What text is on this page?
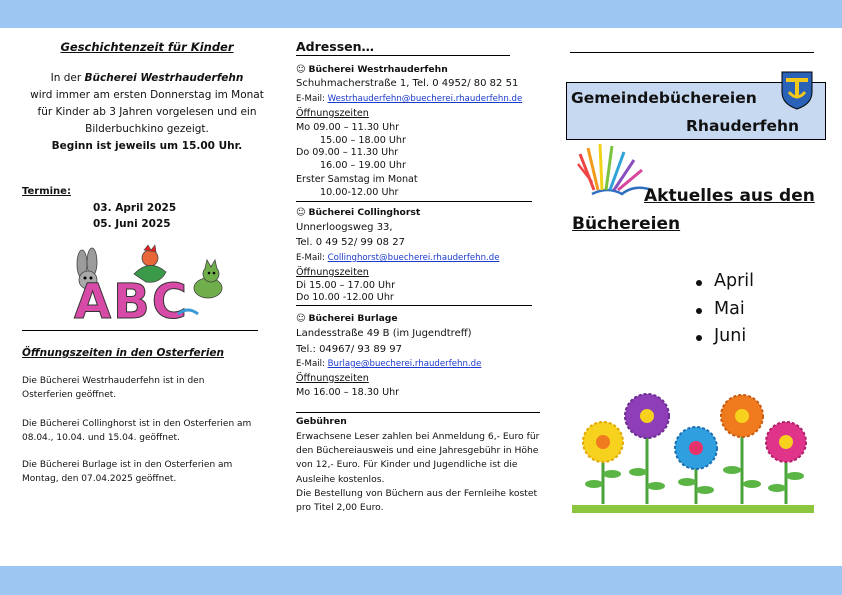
Geschichtenzeit für Kinder
In der Bücherei Westrhauderfehn
wird immer am ersten Donnerstag im Monat
für Kinder ab 3 Jahren vorgelesen und ein
Bilderbuchkino gezeigt.
Beginn ist jeweils um 15.00 Uhr.
Termine:
03. April 2025
05. Juni 2025
ABC
Öffnungszeiten in den Osterferien
Die Bücherei Westrhauderfehn ist in den
Osterferien geöffnet.
Die Bücherei Collinghorst ist in den Osterferien am
08.04., 10.04. und 15.04. geöffnet.
Die Bücherei Burlage ist in den Osterferien am
Montag, den 07.04.2025 geöffnet.
Adressen…
☺ Bücherei Westrhauderfehn
Schuhmacherstraße 1, Tel. 0 4952/ 80 82 51
E-Mail: Westrhauderfehn@buecherei.rhauderfehn.de
Öffnungszeiten
Mo 09.00 – 11.30 Uhr
15.00 – 18.00 Uhr
Do 09.00 – 11.30 Uhr
16.00 – 19.00 Uhr
Erster Samstag im Monat
10.00-12.00 Uhr
☺ Bücherei Collinghorst
Unnerloogsweg 33,
Tel. 0 49 52/ 99 08 27
E-Mail: Collinghorst@buecherei.rhauderfehn.de
Öffnungszeiten
Di 15.00 – 17.00 Uhr
Do 10.00 -12.00 Uhr
☺ Bücherei Burlage
Landesstraße 49 B (im Jugendtreff)
Tel.: 04967/ 93 89 97
E-Mail: Burlage@buecherei.rhauderfehn.de
Öffnungszeiten
Mo 16.00 – 18.30 Uhr
Gebühren
Erwachsene Leser zahlen bei Anmeldung 6,- Euro für
den Büchereiausweis und eine Jahresgebühr in Höhe
von 12,- Euro. Für Kinder und Jugendliche ist die
Ausleihe kostenlos.
Die Bestellung von Büchern aus der Fernleihe kostet
pro Titel 2,00 Euro.
Gemeindebüchereien
Rhauderfehn
Aktuelles aus den
Büchereien
April
Mai
Juni
